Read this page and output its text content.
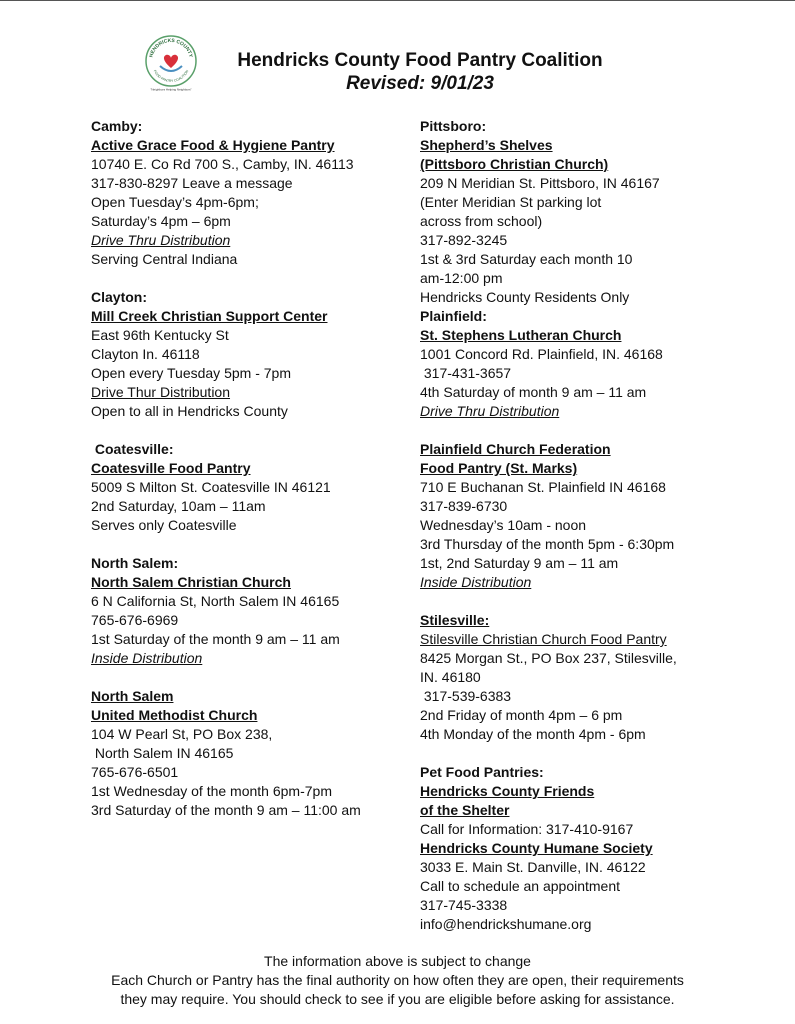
HENDRICKS COUNTY
FOOD PANTRY COALITION
"Neighbors Helping Neighbors"
Hendricks County Food Pantry Coalition
Revised: 9/01/23
Camby:
Active Grace Food & Hygiene Pantry
10740 E. Co Rd 700 S., Camby, IN. 46113
317-830-8297 Leave a message
Open Tuesday’s 4pm-6pm;
Saturday’s 4pm – 6pm
Drive Thru Distribution
Serving Central Indiana
Clayton:
Mill Creek Christian Support Center
East 96th Kentucky St
Clayton In. 46118
Open every Tuesday 5pm - 7pm
Drive Thur Distribution
Open to all in Hendricks County
Coatesville:
Coatesville Food Pantry
5009 S Milton St. Coatesville IN 46121
2nd Saturday, 10am – 11am
Serves only Coatesville
North Salem:
North Salem Christian Church
6 N California St, North Salem IN 46165
765-676-6969
1st Saturday of the month 9 am – 11 am
Inside Distribution
North Salem
United Methodist Church
104 W Pearl St, PO Box 238,
North Salem IN 46165
765-676-6501
1st Wednesday of the month 6pm-7pm
3rd Saturday of the month 9 am – 11:00 am
Pittsboro:
Shepherd’s Shelves
(Pittsboro Christian Church)
209 N Meridian St. Pittsboro, IN 46167
(Enter Meridian St parking lot
across from school)
317-892-3245
1st & 3rd Saturday each month 10
am-12:00 pm
Hendricks County Residents Only
Plainfield:
St. Stephens Lutheran Church
1001 Concord Rd. Plainfield, IN. 46168
317-431-3657
4th Saturday of month 9 am – 11 am
Drive Thru Distribution
Plainfield Church Federation
Food Pantry (St. Marks)
710 E Buchanan St. Plainfield IN 46168
317-839-6730
Wednesday’s 10am - noon
3rd Thursday of the month 5pm - 6:30pm
1st, 2nd Saturday 9 am – 11 am
Inside Distribution
Stilesville:
Stilesville Christian Church Food Pantry
8425 Morgan St., PO Box 237, Stilesville,
IN. 46180
317-539-6383
2nd Friday of month 4pm – 6 pm
4th Monday of the month 4pm - 6pm
Pet Food Pantries:
Hendricks County Friends
of the Shelter
Call for Information: 317-410-9167
Hendricks County Humane Society
3033 E. Main St. Danville, IN. 46122
Call to schedule an appointment
317-745-3338
info@hendrickshumane.org
The information above is subject to change
Each Church or Pantry has the final authority on how often they are open, their requirements
they may require. You should check to see if you are eligible before asking for assistance.
